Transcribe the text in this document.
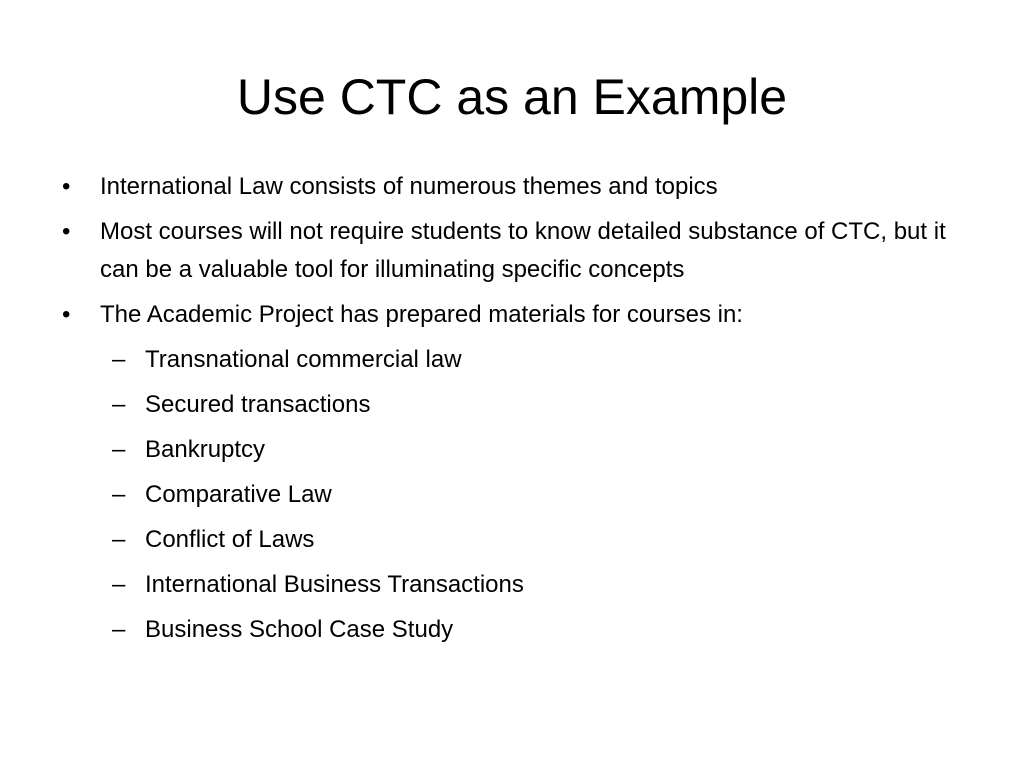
Use CTC as an Example
•	International Law consists of numerous themes and topics
•	Most courses will not require students to know detailed substance of CTC, but it can be a valuable tool for illuminating specific concepts
•	The Academic Project has prepared materials for courses in:
– Transnational commercial law
– Secured transactions
– Bankruptcy
– Comparative Law
– Conflict of Laws
– International Business Transactions
– Business School Case Study
